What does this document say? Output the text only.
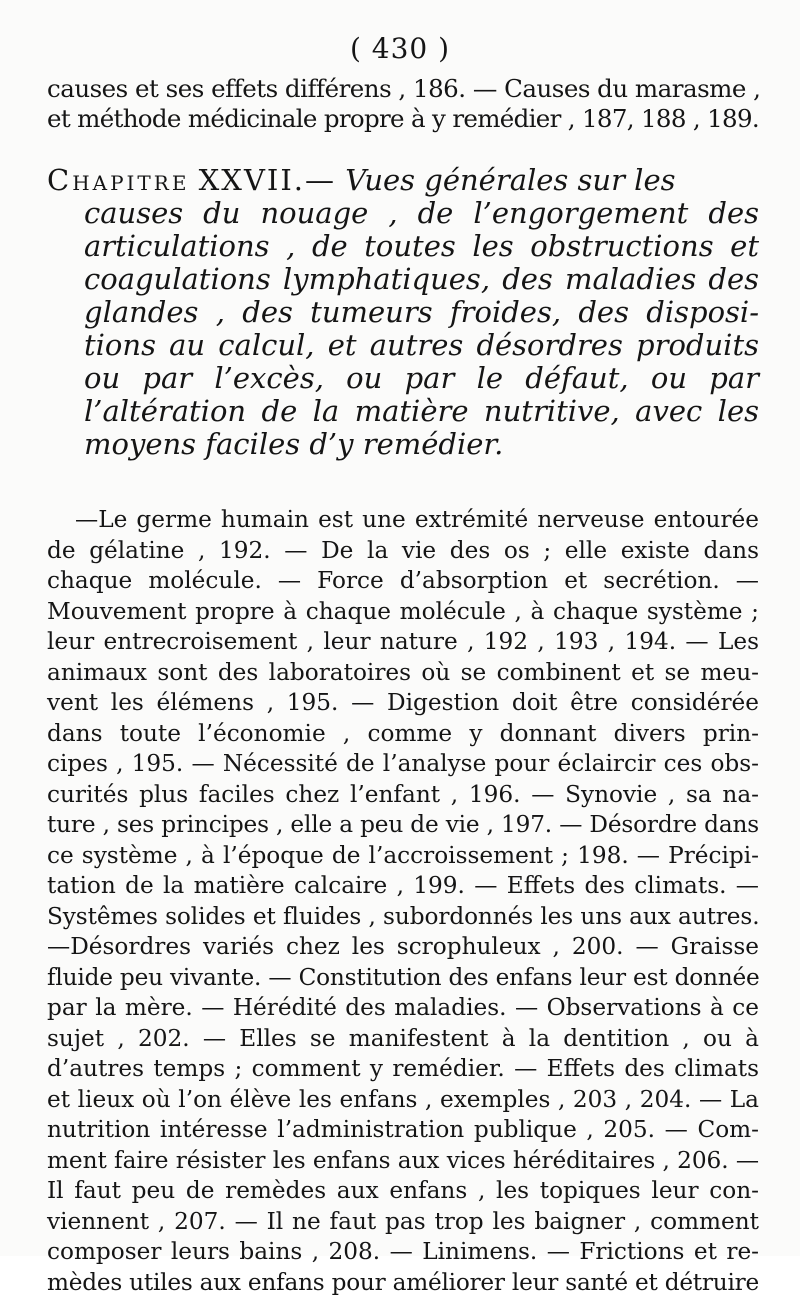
( 430 )
causes et ses effets différens , 186. — Causes du marasme ,
et méthode médicinale propre à y remédier , 187, 188 , 189.
Chapitre XXVII.— Vues générales sur les
causes du nouage , de l’engorgement des
articulations , de toutes les obstructions et
coagulations lymphatiques, des maladies des
glandes , des tumeurs froides, des disposi-
tions au calcul, et autres désordres produits
ou par l’excès, ou par le défaut, ou par
l’altération de la matière nutritive, avec les
moyens faciles d’y remédier.
—Le germe humain est une extrémité nerveuse entourée
de gélatine , 192. — De la vie des os ; elle existe dans
chaque molécule. — Force d’absorption et secrétion. —
Mouvement propre à chaque molécule , à chaque système ;
leur entrecroisement , leur nature , 192 , 193 , 194. — Les
animaux sont des laboratoires où se combinent et se meu-
vent les élémens , 195. — Digestion doit être considérée
dans toute l’économie , comme y donnant divers prin-
cipes , 195. — Nécessité de l’analyse pour éclaircir ces obs-
curités plus faciles chez l’enfant , 196. — Synovie , sa na-
ture , ses principes , elle a peu de vie , 197. — Désordre dans
ce système , à l’époque de l’accroissement ; 198. — Précipi-
tation de la matière calcaire , 199. — Effets des climats. —
Systêmes solides et fluides , subordonnés les uns aux autres.
—Désordres variés chez les scrophuleux , 200. — Graisse
fluide peu vivante. — Constitution des enfans leur est donnée
par la mère. — Hérédité des maladies. — Observations à ce
sujet , 202. — Elles se manifestent à la dentition , ou à
d’autres temps ; comment y remédier. — Effets des climats
et lieux où l’on élève les enfans , exemples , 203 , 204. — La
nutrition intéresse l’administration publique , 205. — Com-
ment faire résister les enfans aux vices héréditaires , 206. —
Il faut peu de remèdes aux enfans , les topiques leur con-
viennent , 207. — Il ne faut pas trop les baigner , comment
composer leurs bains , 208. — Linimens. — Frictions et re-
mèdes utiles aux enfans pour améliorer leur santé et détruire
